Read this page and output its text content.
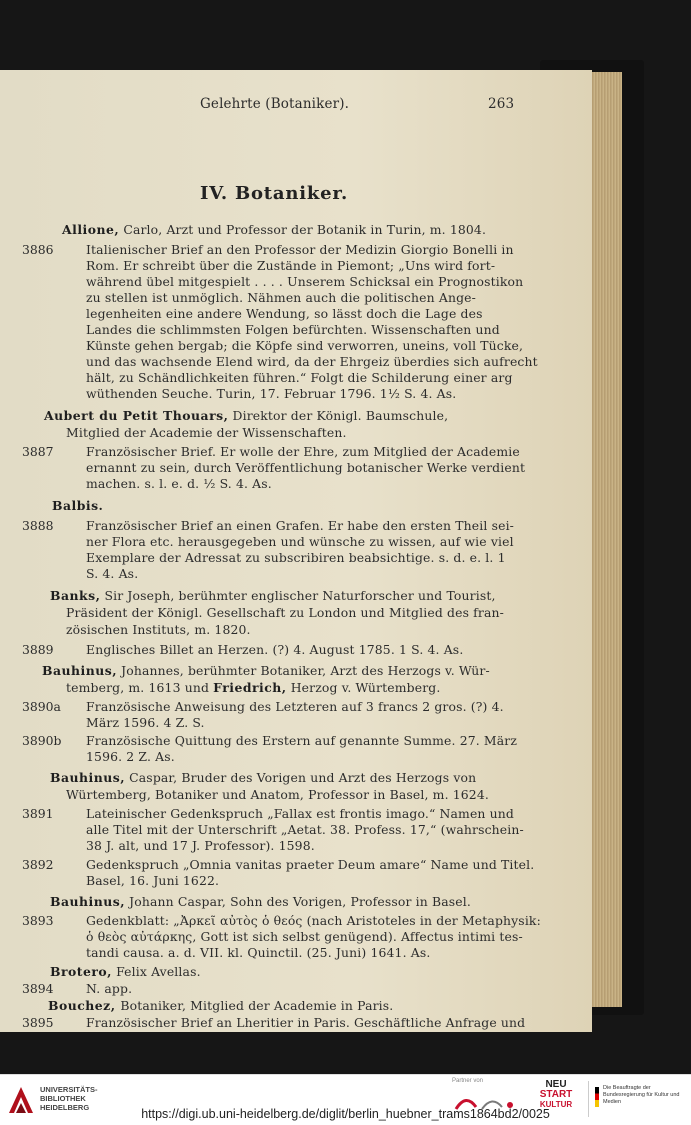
Gelehrte (Botaniker).	263
IV. Botaniker.
Allione, Carlo, Arzt und Professor der Botanik in Turin, m. 1804.
3886	Italienischer Brief an den Professor der Medizin Giorgio Bonelli in
Rom. Er schreibt über die Zustände in Piemont; „Uns wird fort-
während übel mitgespielt . . . . Unserem Schicksal ein Prognostikon
zu stellen ist unmöglich. Nähmen auch die politischen Ange-
legenheiten eine andere Wendung, so lässt doch die Lage des
Landes die schlimmsten Folgen befürchten. Wissenschaften und
Künste gehen bergab; die Köpfe sind verworren, uneins, voll Tücke,
und das wachsende Elend wird, da der Ehrgeiz überdies sich aufrecht
hält, zu Schändlichkeiten führen.“ Folgt die Schilderung einer arg
wüthenden Seuche. Turin, 17. Februar 1796. 1½ S. 4. As.
Aubert du Petit Thouars, Direktor der Königl. Baumschule,
Mitglied der Academie der Wissenschaften.
3887	Französischer Brief. Er wolle der Ehre, zum Mitglied der Academie
ernannt zu sein, durch Veröffentlichung botanischer Werke verdient
machen. s. l. e. d. ½ S. 4. As.
Balbis.
3888	Französischer Brief an einen Grafen. Er habe den ersten Theil sei-
ner Flora etc. herausgegeben und wünsche zu wissen, auf wie viel
Exemplare der Adressat zu subscribiren beabsichtige. s. d. e. l. 1
S. 4. As.
Banks, Sir Joseph, berühmter englischer Naturforscher und Tourist,
Präsident der Königl. Gesellschaft zu London und Mitglied des fran-
zösischen Instituts, m. 1820.
3889	Englisches Billet an Herzen. (?) 4. August 1785. 1 S. 4. As.
Bauhinus, Johannes, berühmter Botaniker, Arzt des Herzogs v. Wür-
temberg, m. 1613 und Friedrich, Herzog v. Würtemberg.
3890a Französische Anweisung des Letzteren auf 3 francs 2 gros. (?) 4.
März 1596. 4 Z. S.
3890b Französische Quittung des Erstern auf genannte Summe. 27. März
1596. 2 Z. As.
Bauhinus, Caspar, Bruder des Vorigen und Arzt des Herzogs von
Würtemberg, Botaniker und Anatom, Professor in Basel, m. 1624.
3891	Lateinischer Gedenkspruch „Fallax est frontis imago.“ Namen und
alle Titel mit der Unterschrift „Aetat. 38. Profess. 17,“ (wahrschein-
38 J. alt, und 17 J. Professor). 1598.
3892	Gedenkspruch „Omnia vanitas praeter Deum amare“ Name und Titel.
Basel, 16. Juni 1622.
Bauhinus, Johann Caspar, Sohn des Vorigen, Professor in Basel.
3893	Gedenkblatt: „Ἀρκεῖ αὐτὸς ὁ θεός (nach Aristoteles in der Metaphysik:
ὁ θεὸς αὐτάρκης, Gott ist sich selbst genügend). Affectus intimi tes-
tandi causa. a. d. VII. kl. Quinctil. (25. Juni) 1641. As.
Brotero, Felix Avellas.
3894	N. app.
Bouchez, Botaniker, Mitglied der Academie in Paris.
3895	Französischer Brief an Lheritier in Paris. Geschäftliche Anfrage und
UNIVERSITÄTS-
BIBLIOTHEK
HEIDELBERG
Partner von	NEU
START
KULTUR
Die Beauftragte der Bundesregierung für Kultur und Medien
https://digi.ub.uni-heidelberg.de/diglit/berlin_huebner_trams1864bd2/0025
